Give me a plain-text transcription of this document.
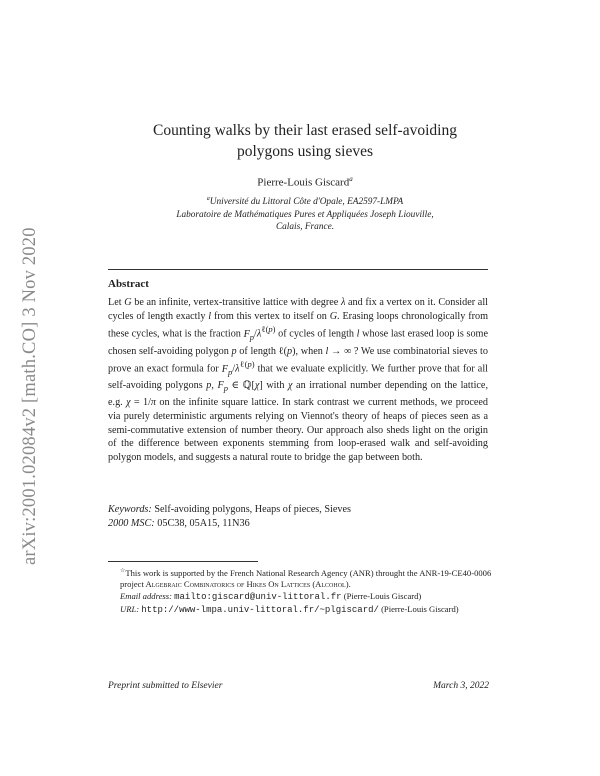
arXiv:2001.02084v2 [math.CO] 3 Nov 2020
Counting walks by their last erased self-avoiding
polygons using sieves
Pierre-Louis Giscard$^a$
$^a$Université du Littoral Côte d'Opale, EA2597-LMPA
Laboratoire de Mathématiques Pures et Appliquées Joseph Liouville,
Calais, France.
Abstract
Let G be an infinite, vertex-transitive lattice with degree λ and fix a vertex on it. Consider all cycles of length exactly l from this vertex to itself on G. Erasing loops chronologically from these cycles, what is the fraction $F_p/\lambda^{\ell(p)}$ of cycles of length l whose last erased loop is some chosen self-avoiding polygon p of length ℓ(p), when l → ∞ ? We use combinatorial sieves to prove an exact formula for $F_p/\lambda^{\ell(p)}$ that we evaluate explicitly. We further prove that for all self-avoiding polygons p, $F_p$ ∈ ℚ[χ] with χ an irrational number depending on the lattice, e.g. χ = 1/π on the infinite square lattice. In stark contrast we current methods, we proceed via purely deterministic arguments relying on Viennot's theory of heaps of pieces seen as a semi-commutative extension of number theory. Our approach also sheds light on the origin of the difference between exponents stemming from loop-erased walk and self-avoiding polygon models, and suggests a natural route to bridge the gap between both.
Keywords: Self-avoiding polygons, Heaps of pieces, Sieves
2000 MSC: 05C38, 05A15, 11N36
☆This work is supported by the French National Research Agency (ANR) throught the ANR-19-CE40-0006 project Algebraic Combinatorics of Hikes On Lattices (Alcohol).
Email address: mailto:giscard@univ-littoral.fr (Pierre-Louis Giscard)
URL: http://www-lmpa.univ-littoral.fr/~plgiscard/ (Pierre-Louis Giscard)
Preprint submitted to Elsevier	March 3, 2022
